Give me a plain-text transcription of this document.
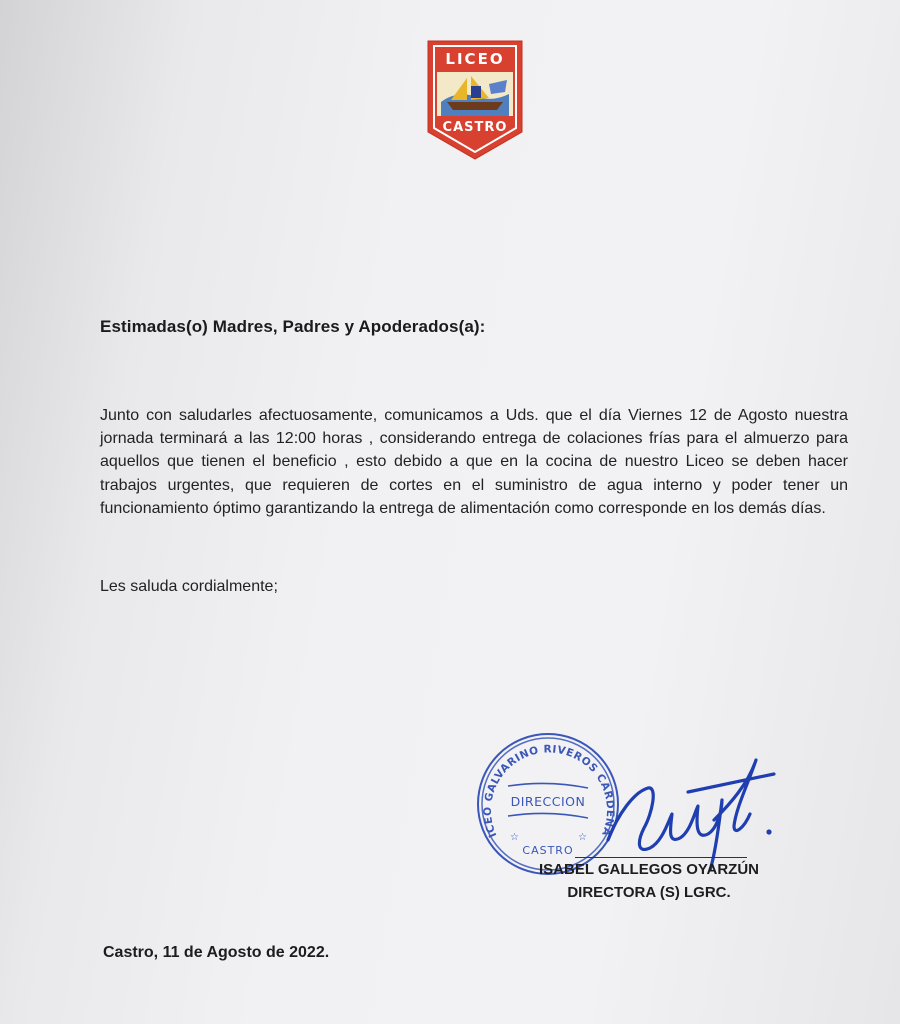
LICEO
CASTRO
Estimadas(o) Madres, Padres y Apoderados(a):
Junto con saludarles afectuosamente, comunicamos a Uds. que el día Viernes 12 de Agosto nuestra jornada terminará a las 12:00 horas , considerando entrega de colaciones frías para el almuerzo para aquellos que tienen el beneficio , esto debido a que en la cocina de nuestro Liceo se deben hacer trabajos urgentes, que requieren de cortes en el suministro de agua interno y poder tener un funcionamiento óptimo garantizando la entrega de alimentación como corresponde en los demás días.
Les saluda cordialmente;
ICEO GALVARINO RIVEROS CARDENA
DIRECCION
CASTRO
☆	☆
ISABEL GALLEGOS OYARZÚN
DIRECTORA (S) LGRC.
Castro, 11 de Agosto de 2022.
